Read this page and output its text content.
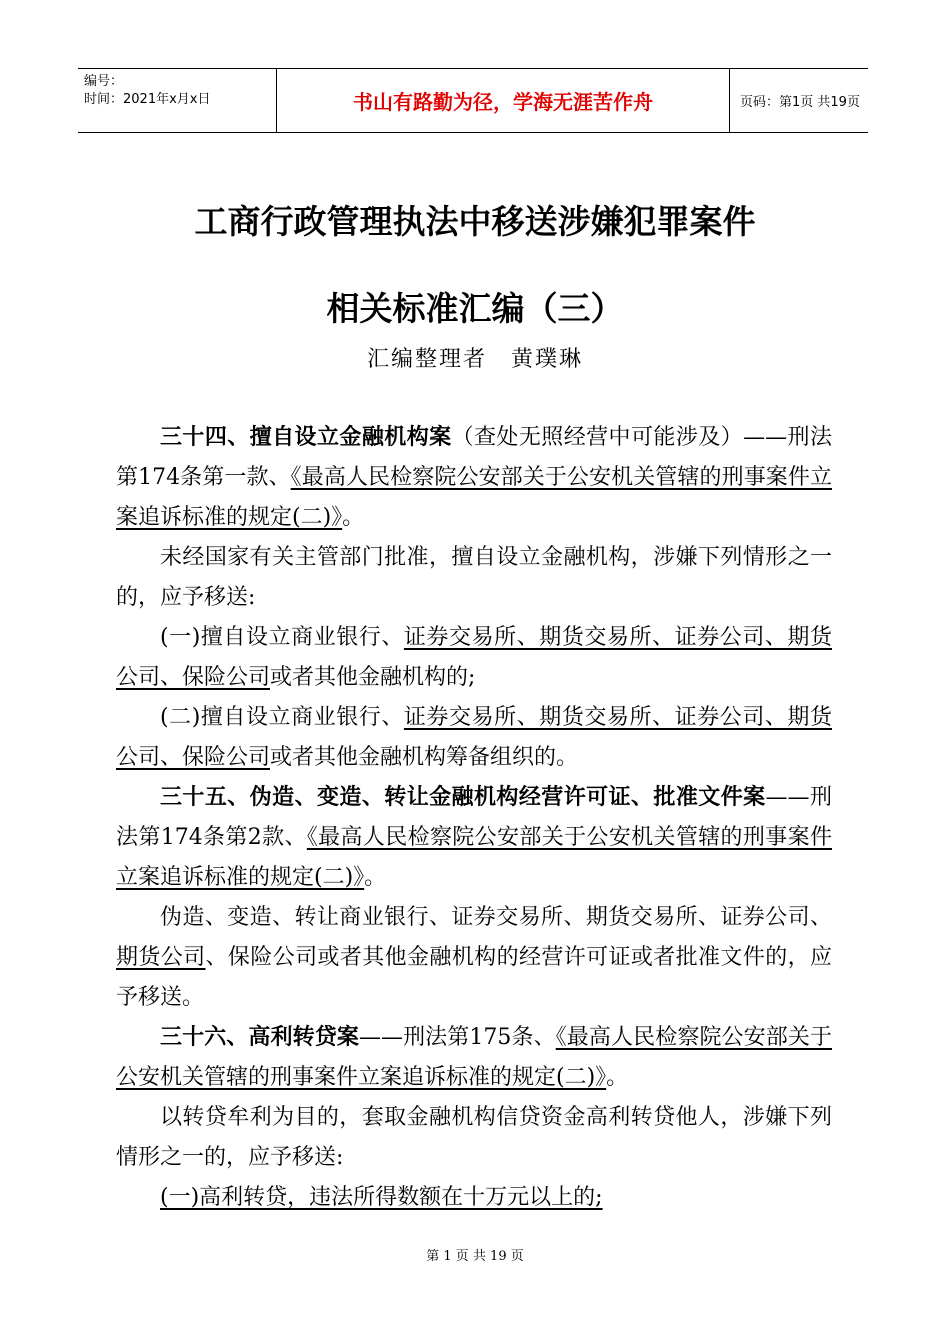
编号：
时间：2021年x月x日	书山有路勤为径，学海无涯苦作舟	页码：第1页 共19页
工商行政管理执法中移送涉嫌犯罪案件
相关标准汇编（三）
汇编整理者　黄璞琳

三十四、擅自设立金融机构案（查处无照经营中可能涉及）——刑法第174条第一款、《最高人民检察院公安部关于公安机关管辖的刑事案件立案追诉标准的规定(二)》。

未经国家有关主管部门批准，擅自设立金融机构，涉嫌下列情形之一的，应予移送:

(一)擅自设立商业银行、证券交易所、期货交易所、证券公司、期货公司、保险公司或者其他金融机构的;

(二)擅自设立商业银行、证券交易所、期货交易所、证券公司、期货公司、保险公司或者其他金融机构筹备组织的。

三十五、伪造、变造、转让金融机构经营许可证、批准文件案——刑法第174条第2款、《最高人民检察院公安部关于公安机关管辖的刑事案件立案追诉标准的规定(二)》。

伪造、变造、转让商业银行、证券交易所、期货交易所、证券公司、期货公司、保险公司或者其他金融机构的经营许可证或者批准文件的，应予移送。

三十六、高利转贷案——刑法第175条、《最高人民检察院公安部关于公安机关管辖的刑事案件立案追诉标准的规定(二)》。

以转贷牟利为目的，套取金融机构信贷资金高利转贷他人，涉嫌下列情形之一的，应予移送:

(一)高利转贷，违法所得数额在十万元以上的;

第 1 页 共 19 页
